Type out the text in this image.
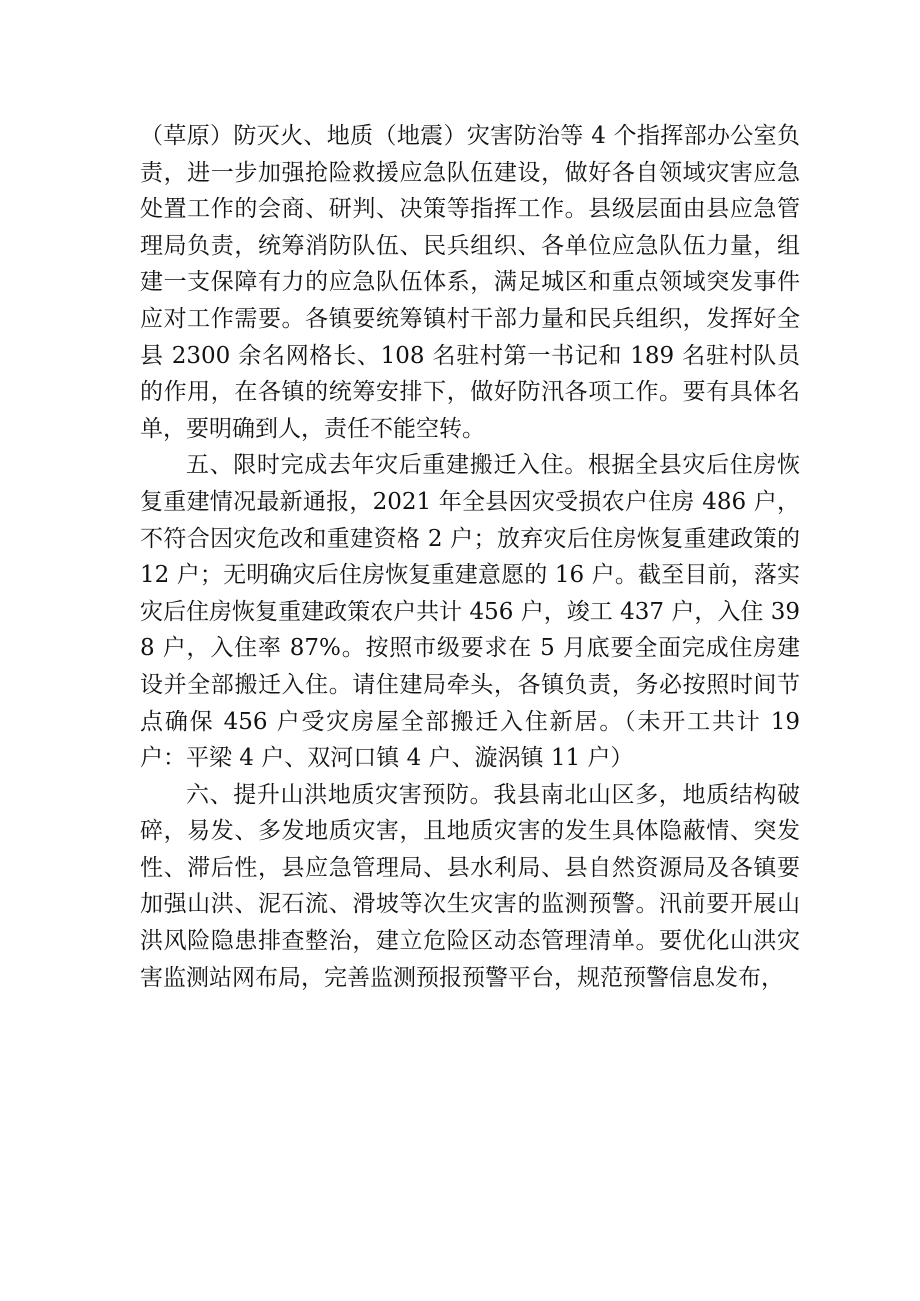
（草原）防灭火、地质（地震）灾害防治等 4 个指挥部办公室负责，进一步加强抢险救援应急队伍建设，做好各自领域灾害应急处置工作的会商、研判、决策等指挥工作。县级层面由县应急管理局负责，统筹消防队伍、民兵组织、各单位应急队伍力量，组建一支保障有力的应急队伍体系，满足城区和重点领域突发事件应对工作需要。各镇要统筹镇村干部力量和民兵组织，发挥好全县 2300 余名网格长、108 名驻村第一书记和 189 名驻村队员的作用，在各镇的统筹安排下，做好防汛各项工作。要有具体名单，要明确到人，责任不能空转。

五、限时完成去年灾后重建搬迁入住。根据全县灾后住房恢复重建情况最新通报，2021 年全县因灾受损农户住房 486 户，不符合因灾危改和重建资格 2 户；放弃灾后住房恢复重建政策的 12 户；无明确灾后住房恢复重建意愿的 16 户。截至目前，落实灾后住房恢复重建政策农户共计 456 户，竣工 437 户，入住 398 户，入住率 87%。按照市级要求在 5 月底要全面完成住房建设并全部搬迁入住。请住建局牵头，各镇负责，务必按照时间节点确保 456 户受灾房屋全部搬迁入住新居。（未开工共计 19 户：平梁 4 户、双河口镇 4 户、漩涡镇 11 户）

六、提升山洪地质灾害预防。我县南北山区多，地质结构破碎，易发、多发地质灾害，且地质灾害的发生具体隐蔽情、突发性、滞后性，县应急管理局、县水利局、县自然资源局及各镇要加强山洪、泥石流、滑坡等次生灾害的监测预警。汛前要开展山洪风险隐患排查整治，建立危险区动态管理清单。要优化山洪灾害监测站网布局，完善监测预报预警平台，规范预警信息发布，
